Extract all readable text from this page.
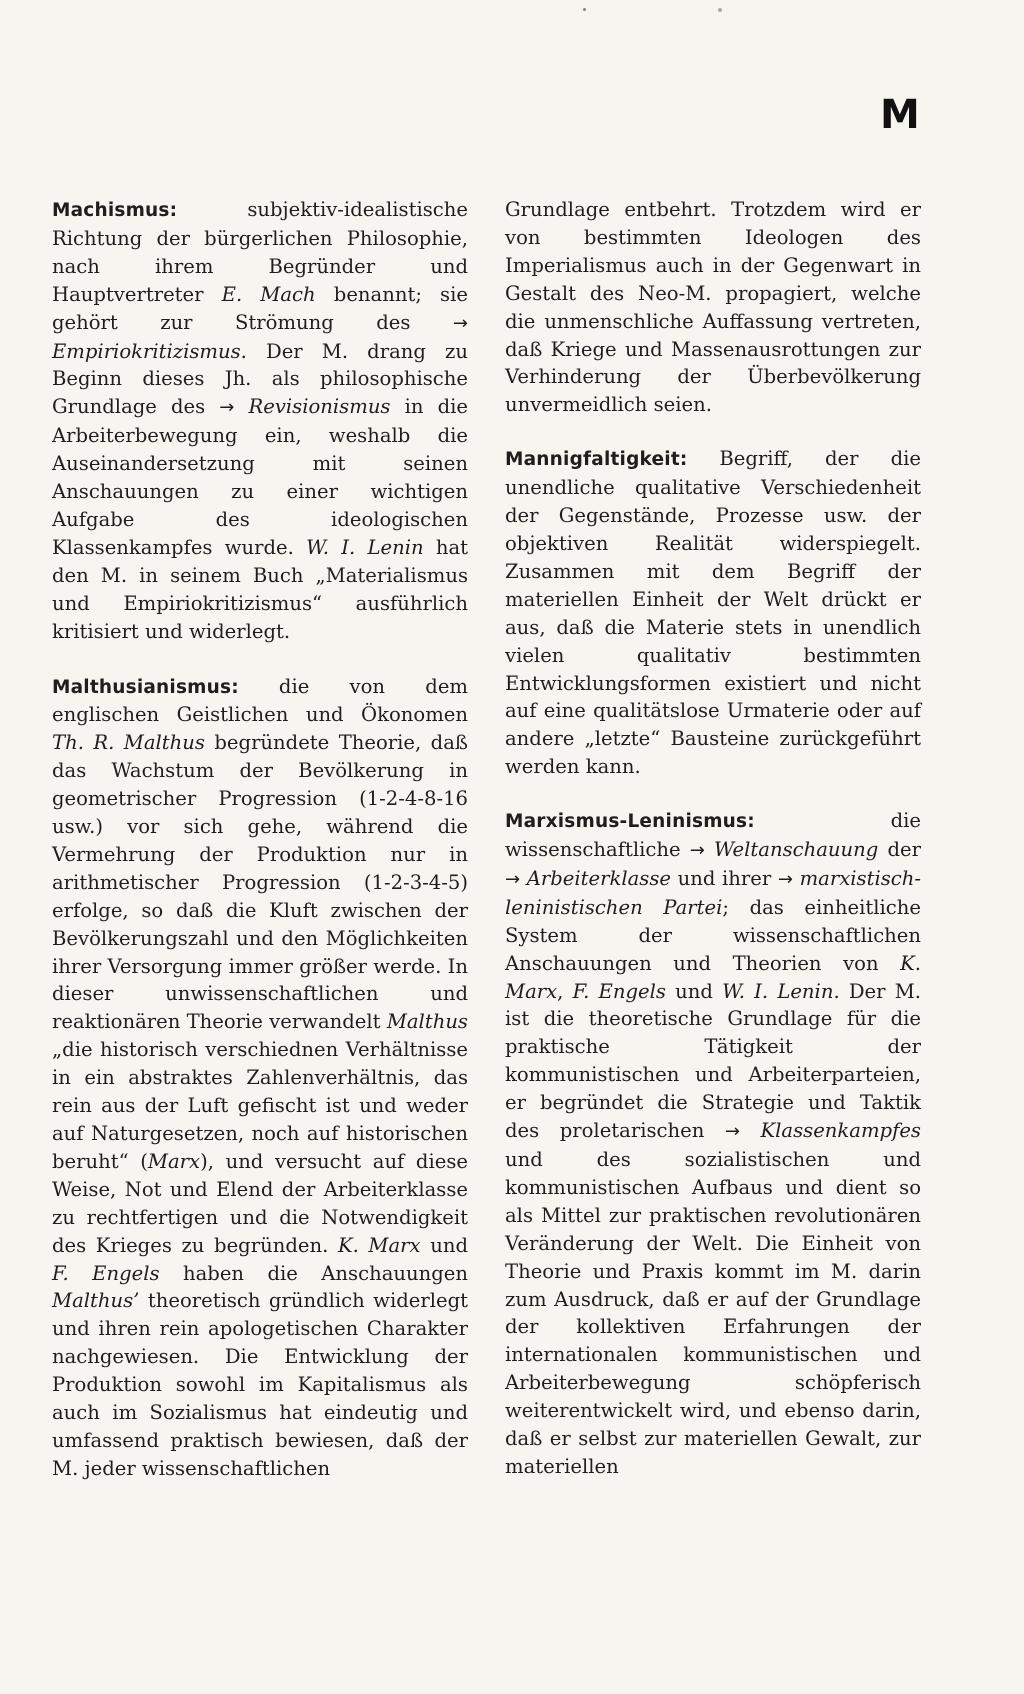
M

Machismus: subjektiv-idealistische Richtung der bürgerlichen Philosophie, nach ihrem Begründer und Hauptvertreter E. Mach benannt; sie gehört zur Strömung des → Empiriokritizismus. Der M. drang zu Beginn dieses Jh. als philosophische Grundlage des → Revisionismus in die Arbeiterbewegung ein, weshalb die Auseinandersetzung mit seinen Anschauungen zu einer wichtigen Aufgabe des ideologischen Klassenkampfes wurde. W. I. Lenin hat den M. in seinem Buch „Materialismus und Empiriokritizismus“ ausführlich kritisiert und widerlegt.

Malthusianismus: die von dem englischen Geistlichen und Ökonomen Th. R. Malthus begründete Theorie, daß das Wachstum der Bevölkerung in geometrischer Progression (1-2-4-8-16 usw.) vor sich gehe, während die Vermehrung der Produktion nur in arithmetischer Progression (1-2-3-4-5) erfolge, so daß die Kluft zwischen der Bevölkerungszahl und den Möglichkeiten ihrer Versorgung immer größer werde. In dieser unwissenschaftlichen und reaktionären Theorie verwandelt Malthus „die historisch verschiednen Verhältnisse in ein abstraktes Zahlenverhältnis, das rein aus der Luft gefischt ist und weder auf Naturgesetzen, noch auf historischen beruht“ (Marx), und versucht auf diese Weise, Not und Elend der Arbeiterklasse zu rechtfertigen und die Notwendigkeit des Krieges zu begründen. K. Marx und F. Engels haben die Anschauungen Malthus’ theoretisch gründlich widerlegt und ihren rein apologetischen Charakter nachgewiesen. Die Entwicklung der Produktion sowohl im Kapitalismus als auch im Sozialismus hat eindeutig und umfassend praktisch bewiesen, daß der M. jeder wissenschaftlichen

Grundlage entbehrt. Trotzdem wird er von bestimmten Ideologen des Imperialismus auch in der Gegenwart in Gestalt des Neo-M. propagiert, welche die unmenschliche Auffassung vertreten, daß Kriege und Massenausrottungen zur Verhinderung der Überbevölkerung unvermeidlich seien.

Mannigfaltigkeit: Begriff, der die unendliche qualitative Verschiedenheit der Gegenstände, Prozesse usw. der objektiven Realität widerspiegelt. Zusammen mit dem Begriff der materiellen Einheit der Welt drückt er aus, daß die Materie stets in unendlich vielen qualitativ bestimmten Entwicklungsformen existiert und nicht auf eine qualitätslose Urmaterie oder auf andere „letzte“ Bausteine zurückgeführt werden kann.

Marxismus-Leninismus: die wissenschaftliche → Weltanschauung der → Arbeiterklasse und ihrer → marxistisch-leninistischen Partei; das einheitliche System der wissenschaftlichen Anschauungen und Theorien von K. Marx, F. Engels und W. I. Lenin. Der M. ist die theoretische Grundlage für die praktische Tätigkeit der kommunistischen und Arbeiterparteien, er begründet die Strategie und Taktik des proletarischen → Klassenkampfes und des sozialistischen und kommunistischen Aufbaus und dient so als Mittel zur praktischen revolutionären Veränderung der Welt. Die Einheit von Theorie und Praxis kommt im M. darin zum Ausdruck, daß er auf der Grundlage der kollektiven Erfahrungen der internationalen kommunistischen und Arbeiterbewegung schöpferisch weiterentwickelt wird, und ebenso darin, daß er selbst zur materiellen Gewalt, zur materiellen
